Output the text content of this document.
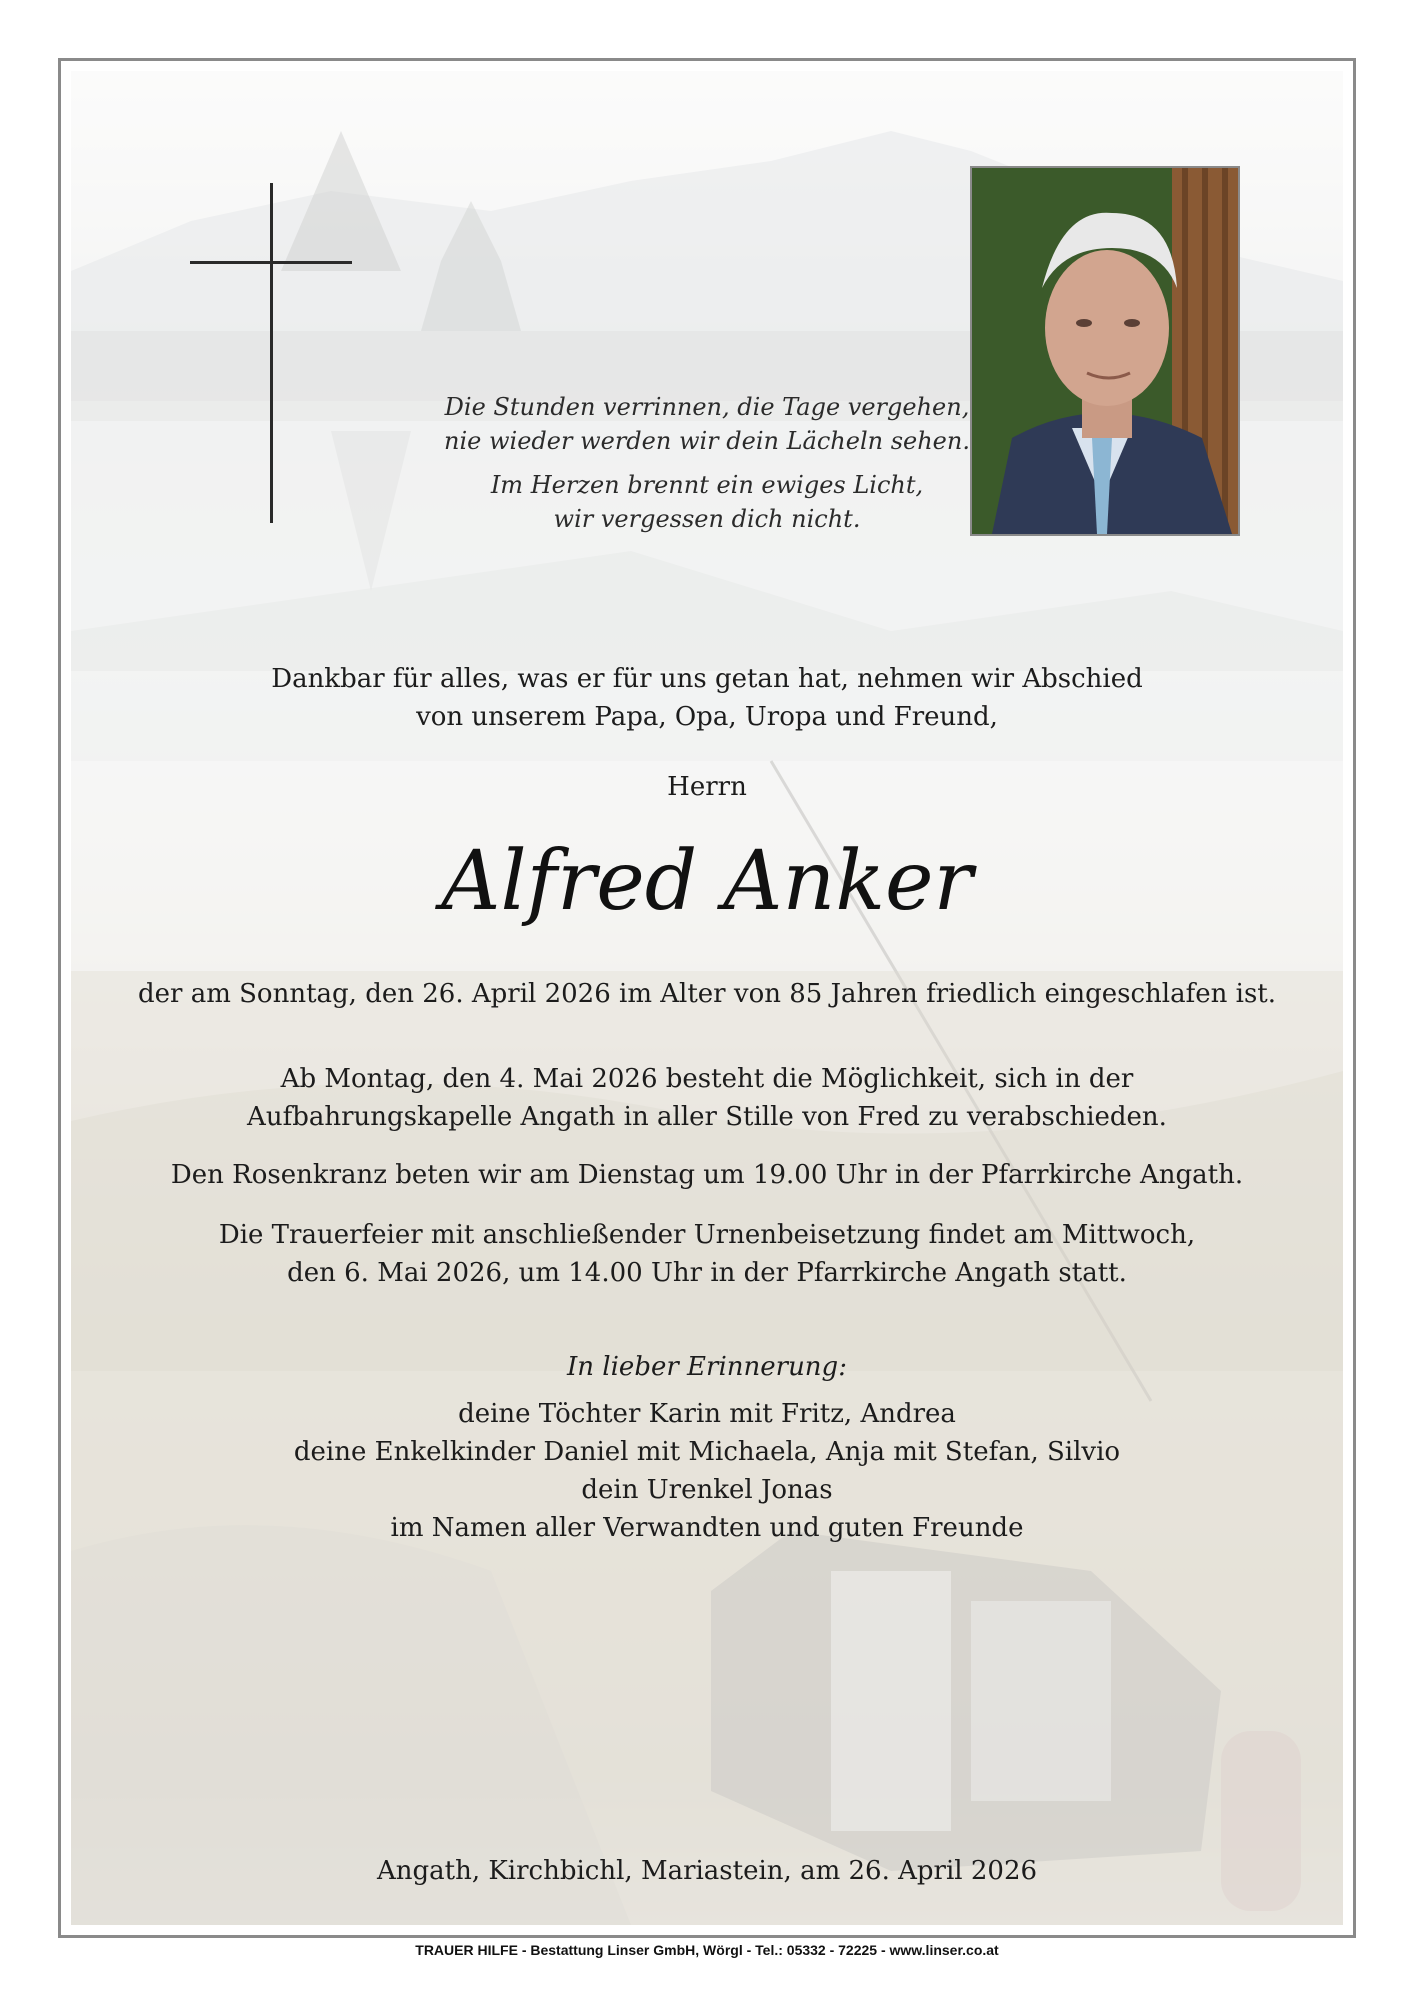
Die Stunden verrinnen, die Tage vergehen,
nie wieder werden wir dein Lächeln sehen.
Im Herzen brennt ein ewiges Licht,
wir vergessen dich nicht.
Dankbar für alles, was er für uns getan hat, nehmen wir Abschied
von unserem Papa, Opa, Uropa und Freund,
Herrn
Alfred Anker
der am Sonntag, den 26. April 2026 im Alter von 85 Jahren friedlich eingeschlafen ist.
Ab Montag, den 4. Mai 2026 besteht die Möglichkeit, sich in der
Aufbahrungskapelle Angath in aller Stille von Fred zu verabschieden.
Den Rosenkranz beten wir am Dienstag um 19.00 Uhr in der Pfarrkirche Angath.
Die Trauerfeier mit anschließender Urnenbeisetzung findet am Mittwoch,
den 6. Mai 2026, um 14.00 Uhr in der Pfarrkirche Angath statt.
In lieber Erinnerung:
deine Töchter Karin mit Fritz, Andrea
deine Enkelkinder Daniel mit Michaela, Anja mit Stefan, Silvio
dein Urenkel Jonas
im Namen aller Verwandten und guten Freunde
Angath, Kirchbichl, Mariastein, am 26. April 2026
TRAUER HILFE - Bestattung Linser GmbH, Wörgl - Tel.: 05332 - 72225 - www.linser.co.at
